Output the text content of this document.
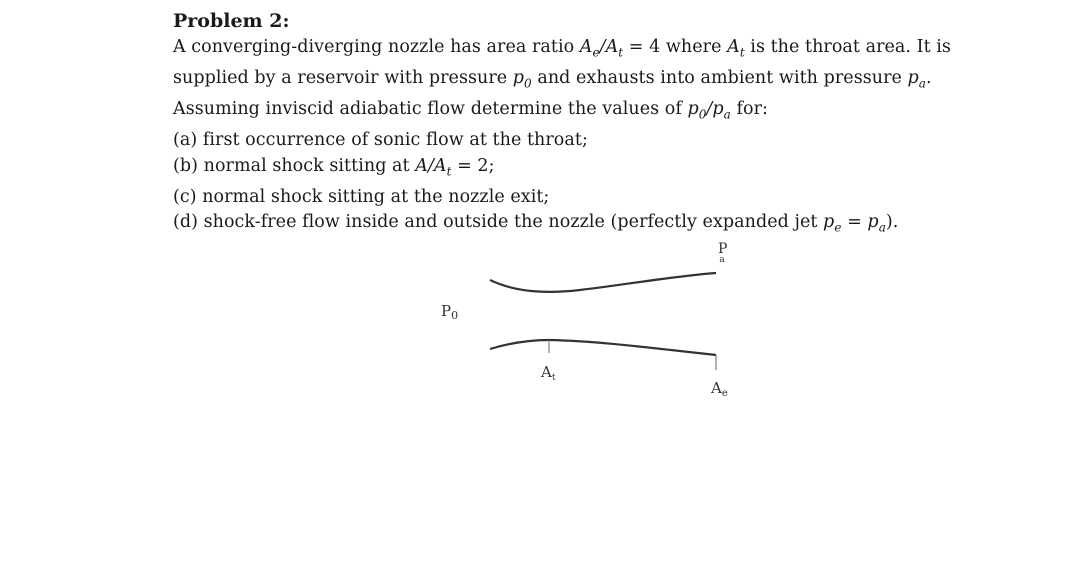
Problem 2:
A converging-diverging nozzle has area ratio $A_e/A_t = 4$ where $A_t$ is the throat area. It is
supplied by a reservoir with pressure $p_0$ and exhausts into ambient with pressure $p_a$.
Assuming inviscid adiabatic flow determine the values of $p_0/p_a$ for:
(a) first occurrence of sonic flow at the throat;
(b) normal shock sitting at $A/A_t = 2$;
(c) normal shock sitting at the nozzle exit;
(d) shock-free flow inside and outside the nozzle (perfectly expanded jet $p_e = p_a$).
$P_0$
P a
$A_t$
$A_e$
